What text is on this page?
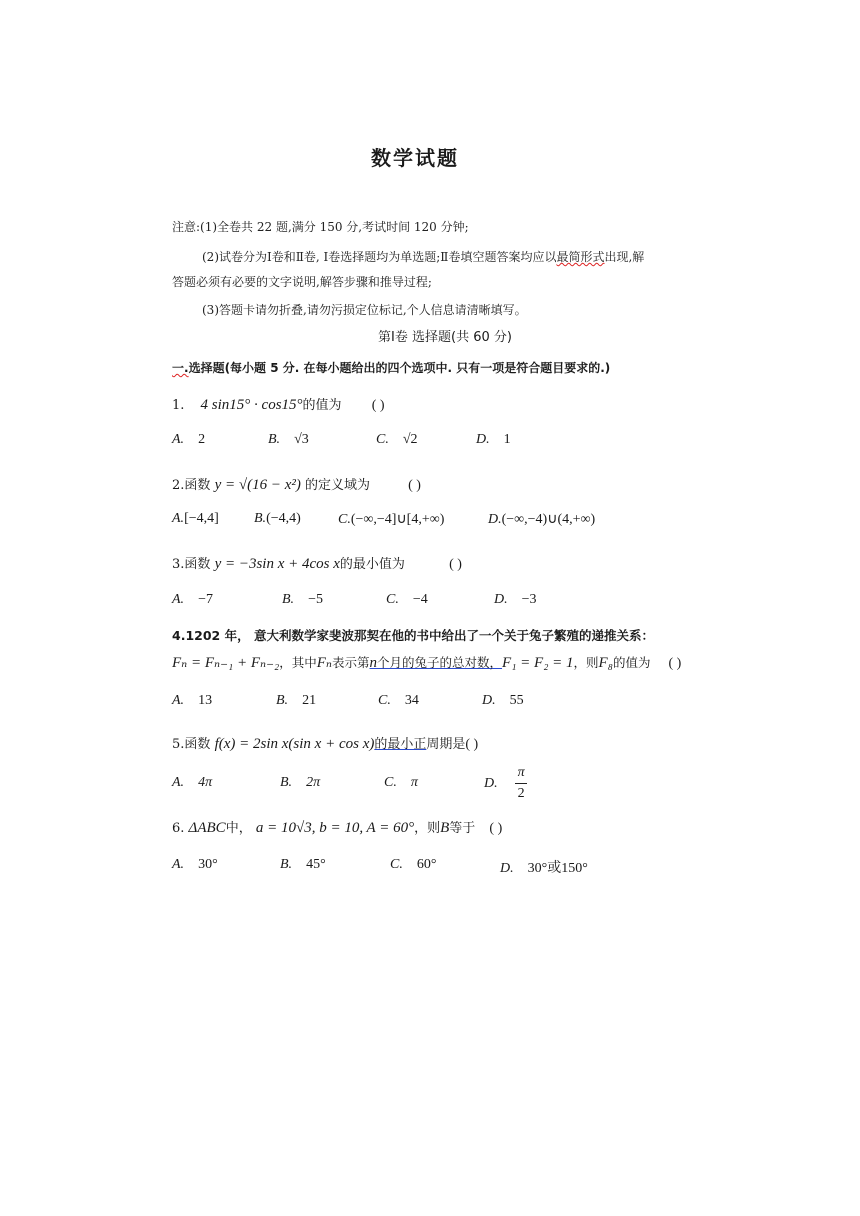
数学试题
注意:(1)全卷共 22 题,满分 150 分,考试时间 120 分钟;
(2)试卷分为Ⅰ卷和Ⅱ卷, Ⅰ卷选择题均为单选题;Ⅱ卷填空题答案均应以最简形式出现,解
答题必须有必要的文字说明,解答步骤和推导过程;
(3)答题卡请勿折叠,请勿污损定位标记,个人信息请清晰填写。
第Ⅰ卷 选择题(共 60 分)
一.选择题(每小题 5 分. 在每小题给出的四个选项中. 只有一项是符合题目要求的.)
1. 4 sin15° · cos15°的值为 ( )
A. 2	B. √3	C. √2	D. 1
2.函数 y = √(16 − x²) 的定义域为	( )
A.[−4,4]	B.(−4,4)	C.(−∞,−4]∪[4,+∞)	D.(−∞,−4)∪(4,+∞)
3.函数 y = −3sin x + 4cos x的最小值为	( )
A. −7	B. −5	C. −4	D. −3
4.1202 年， 意大利数学家斐波那契在他的书中给出了一个关于兔子繁殖的递推关系：
Fₙ = Fₙ₋₁ + Fₙ₋₂，其中Fₙ表示第n个月的兔子的总对数，F₁ = F₂ = 1，则F₈的值为 ( )
A. 13	B. 21	C. 34	D. 55
5.函数 f(x) = 2sin x(sin x + cos x)的最小正周期是( )
A. 4π	B. 2π	C. π	D. $\frac{\pi}{2}$
6. ΔABC中， a = 10√3, b = 10, A = 60°，则B等于 ( )
A. 30°	B. 45°	C. 60°	D. 30°或150°
